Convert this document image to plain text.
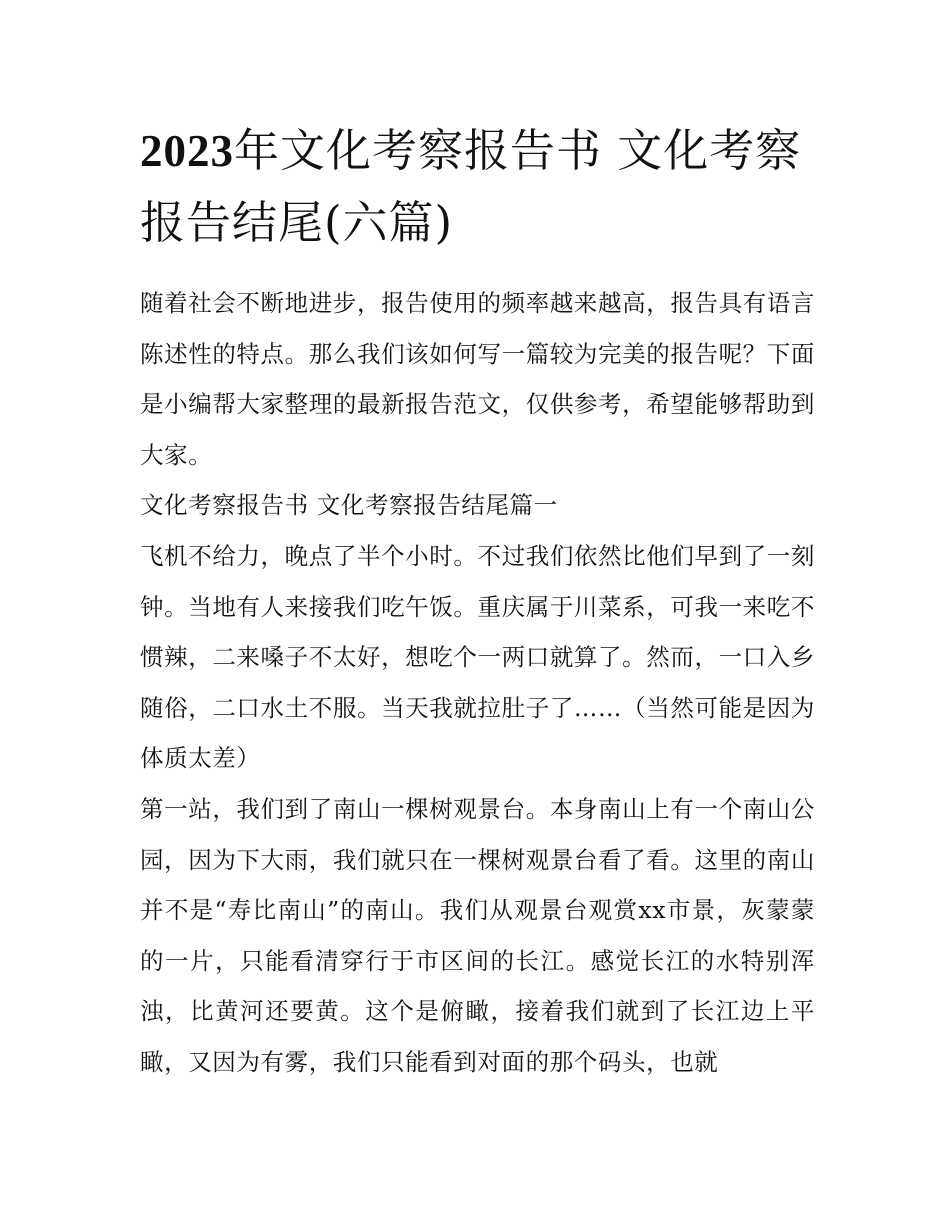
2023年文化考察报告书 文化考察报告结尾(六篇)

随着社会不断地进步，报告使用的频率越来越高，报告具有语言陈述性的特点。那么我们该如何写一篇较为完美的报告呢？下面是小编帮大家整理的最新报告范文，仅供参考，希望能够帮助到大家。

文化考察报告书 文化考察报告结尾篇一

飞机不给力，晚点了半个小时。不过我们依然比他们早到了一刻钟。当地有人来接我们吃午饭。重庆属于川菜系，可我一来吃不惯辣，二来嗓子不太好，想吃个一两口就算了。然而，一口入乡随俗，二口水土不服。当天我就拉肚子了……（当然可能是因为体质太差）

第一站，我们到了南山一棵树观景台。本身南山上有一个南山公园，因为下大雨，我们就只在一棵树观景台看了看。这里的南山并不是“寿比南山”的南山。我们从观景台观赏xx市景，灰蒙蒙的一片，只能看清穿行于市区间的长江。感觉长江的水特别浑浊，比黄河还要黄。这个是俯瞰，接着我们就到了长江边上平瞰，又因为有雾，我们只能看到对面的那个码头，也就
